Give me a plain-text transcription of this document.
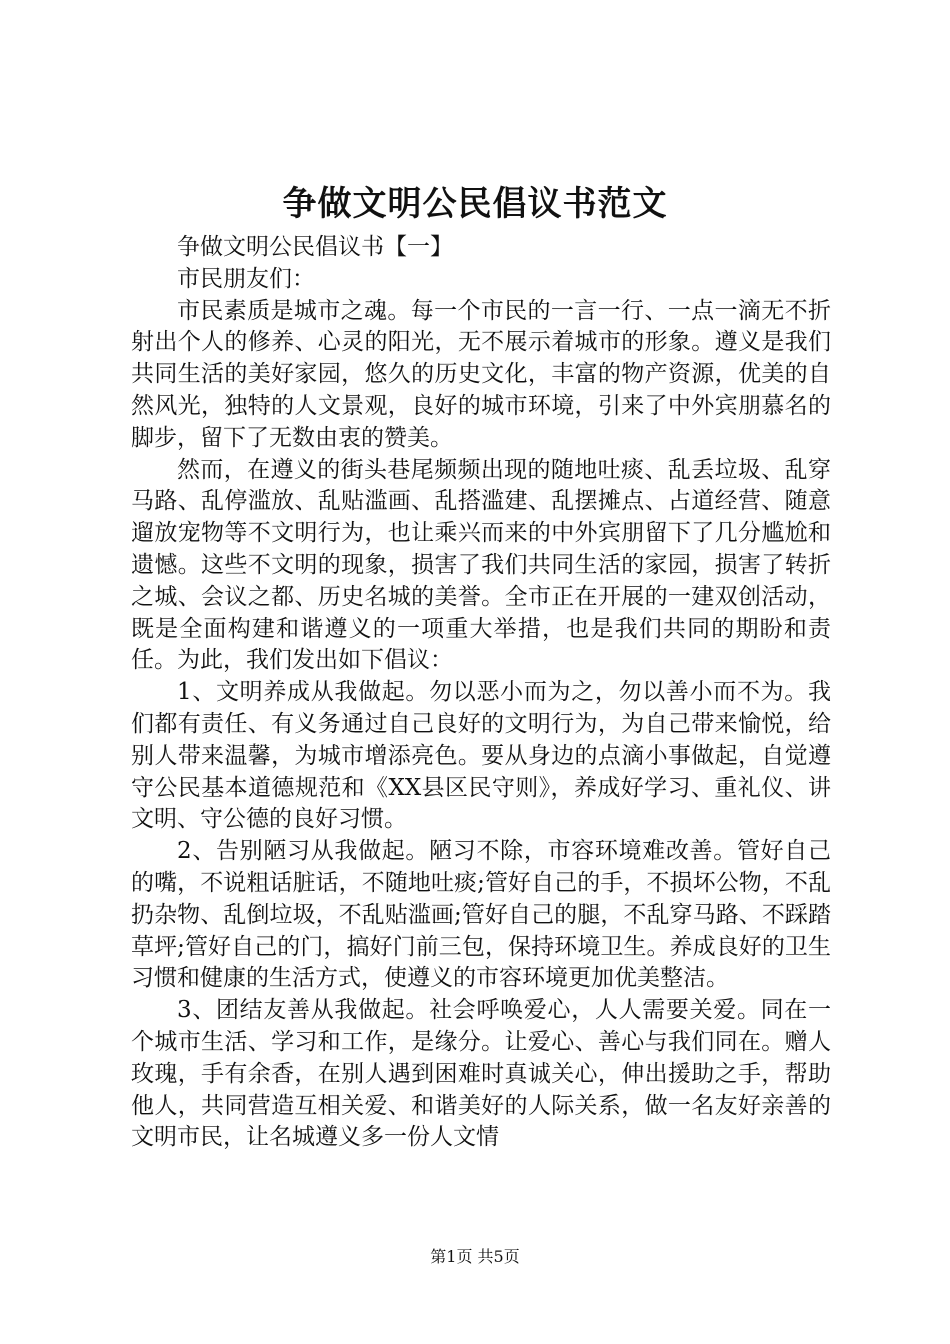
争做文明公民倡议书范文

争做文明公民倡议书【一】

市民朋友们：

市民素质是城市之魂。每一个市民的一言一行、一点一滴无不折射出个人的修养、心灵的阳光，无不展示着城市的形象。遵义是我们共同生活的美好家园，悠久的历史文化，丰富的物产资源，优美的自然风光，独特的人文景观，良好的城市环境，引来了中外宾朋慕名的脚步，留下了无数由衷的赞美。

然而，在遵义的街头巷尾频频出现的随地吐痰、乱丢垃圾、乱穿马路、乱停滥放、乱贴滥画、乱搭滥建、乱摆摊点、占道经营、随意遛放宠物等不文明行为，也让乘兴而来的中外宾朋留下了几分尴尬和遗憾。这些不文明的现象，损害了我们共同生活的家园，损害了转折之城、会议之都、历史名城的美誉。全市正在开展的一建双创活动，既是全面构建和谐遵义的一项重大举措，也是我们共同的期盼和责任。为此，我们发出如下倡议：

1、文明养成从我做起。勿以恶小而为之，勿以善小而不为。我们都有责任、有义务通过自己良好的文明行为，为自己带来愉悦，给别人带来温馨，为城市增添亮色。要从身边的点滴小事做起，自觉遵守公民基本道德规范和《XX县区民守则》，养成好学习、重礼仪、讲文明、守公德的良好习惯。

2、告别陋习从我做起。陋习不除，市容环境难改善。管好自己的嘴，不说粗话脏话，不随地吐痰;管好自己的手，不损坏公物，不乱扔杂物、乱倒垃圾，不乱贴滥画;管好自己的腿，不乱穿马路、不踩踏草坪;管好自己的门，搞好门前三包，保持环境卫生。养成良好的卫生习惯和健康的生活方式，使遵义的市容环境更加优美整洁。

3、团结友善从我做起。社会呼唤爱心，人人需要关爱。同在一个城市生活、学习和工作，是缘分。让爱心、善心与我们同在。赠人玫瑰，手有余香，在别人遇到困难时真诚关心，伸出援助之手，帮助他人，共同营造互相关爱、和谐美好的人际关系，做一名友好亲善的文明市民，让名城遵义多一份人文情

第1页 共5页
